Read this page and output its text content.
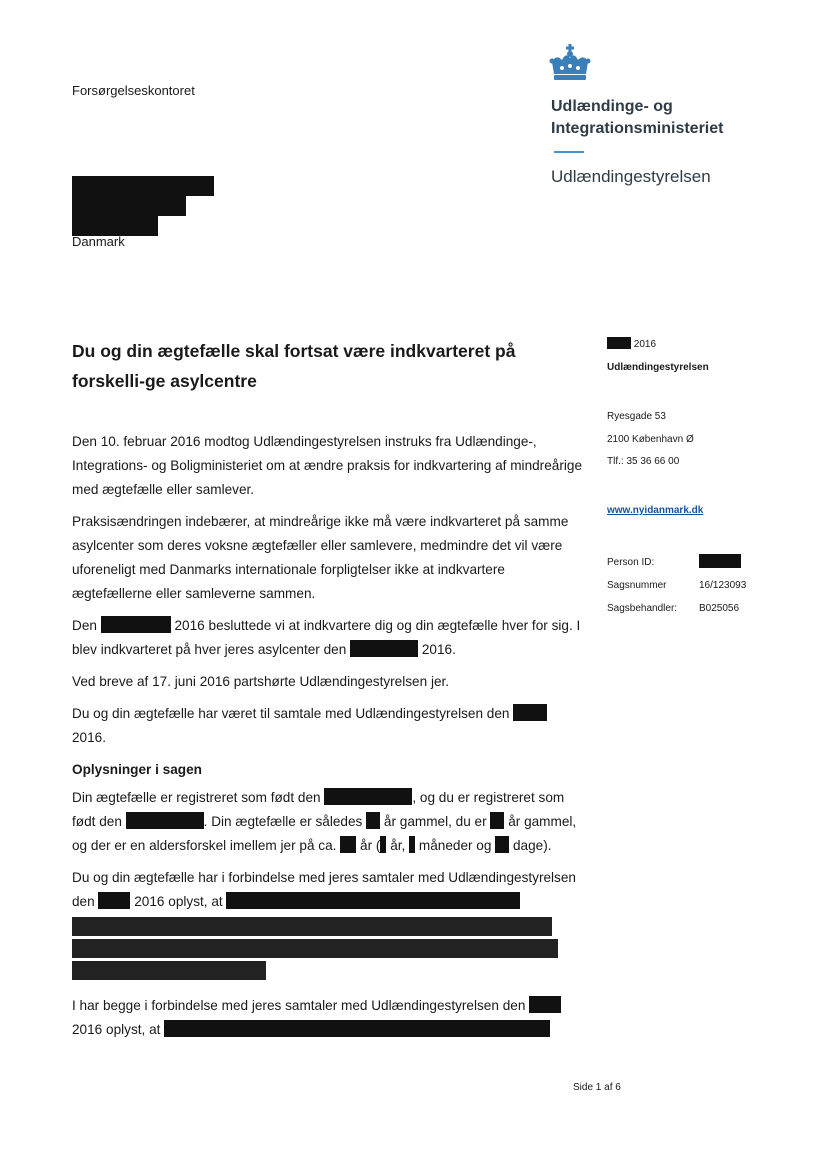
Forsørgelseskontoret
Danmark
Udlændinge- og
Integrationsministeriet
Udlændingestyrelsen
Du og din ægtefælle skal fortsat være indkvarteret på forskelli-ge asylcentre
2016
Udlændingestyrelsen
Ryesgade 53
2100 København Ø
Tlf.: 35 36 66 00
www.nyidanmark.dk
Person ID:
Sagsnummer	16/123093
Sagsbehandler: B025056

Den 10. februar 2016 modtog Udlændingestyrelsen instruks fra Udlændinge-, Integrations- og Boligministeriet om at ændre praksis for indkvartering af mindreårige med ægtefælle eller samlever.

Praksisændringen indebærer, at mindreårige ikke må være indkvarteret på samme asylcenter som deres voksne ægtefæller eller samlevere, medmindre det vil være uforeneligt med Danmarks internationale forpligtelser ikke at indkvartere ægtefællerne eller samleverne sammen.

Den	2016 besluttede vi at indkvartere dig og din ægtefælle hver for sig. I blev indkvarteret på hver jeres asylcenter den	2016.

Ved breve af 17. juni 2016 partshørte Udlændingestyrelsen jer.

Du og din ægtefælle har været til samtale med Udlændingestyrelsen den  2016.

Oplysninger i sagen

Din ægtefælle er registreret som født den	, og du er registreret som født den	. Din ægtefælle er således år gammel, du er år gammel, og der er en aldersforskel imellem jer på ca. år ( år, måneder og dage).

Du og din ægtefælle har i forbindelse med jeres samtaler med Udlændingestyrelsen den	2016 oplyst, at

I har begge i forbindelse med jeres samtaler med Udlændingestyrelsen den  2016 oplyst, at

Side 1 af 6
